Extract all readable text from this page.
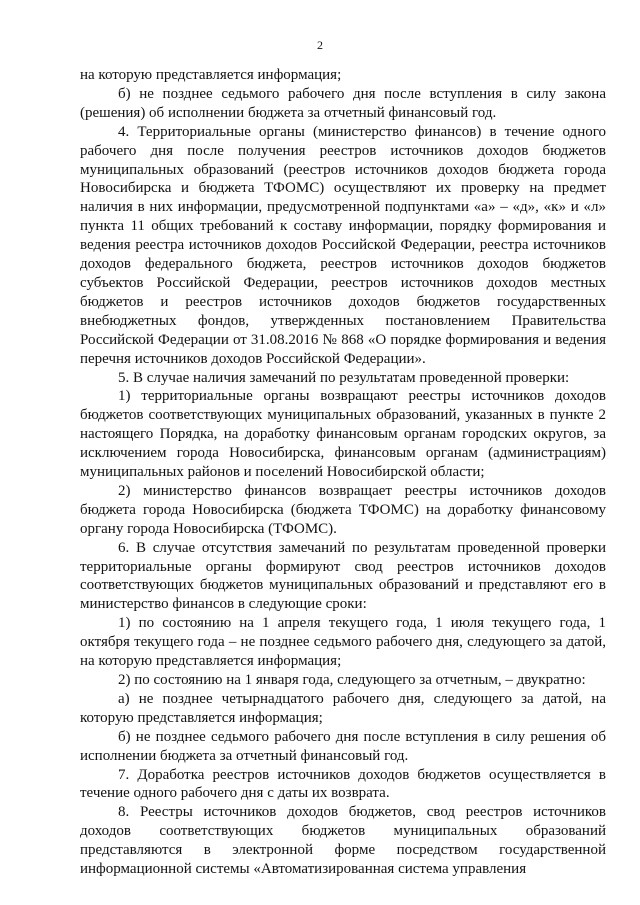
2

на которую представляется информация;

б) не позднее седьмого рабочего дня после вступления в силу закона (решения) об исполнении бюджета за отчетный финансовый год.

4. Территориальные органы (министерство финансов) в течение одного рабочего дня после получения реестров источников доходов бюджетов муниципальных образований (реестров источников доходов бюджета города Новосибирска и бюджета ТФОМС) осуществляют их проверку на предмет наличия в них информации, предусмотренной подпунктами «а» – «д», «к» и «л» пункта 11 общих требований к составу информации, порядку формирования и ведения реестра источников доходов Российской Федерации, реестра источников доходов федерального бюджета, реестров источников доходов бюджетов субъектов Российской Федерации, реестров источников доходов местных бюджетов и реестров источников доходов бюджетов государственных внебюджетных фондов, утвержденных постановлением Правительства Российской Федерации от 31.08.2016 № 868 «О порядке формирования и ведения перечня источников доходов Российской Федерации».

5. В случае наличия замечаний по результатам проведенной проверки:

1) территориальные органы возвращают реестры источников доходов бюджетов соответствующих муниципальных образований, указанных в пункте 2 настоящего Порядка, на доработку финансовым органам городских округов, за исключением города Новосибирска, финансовым органам (администрациям) муниципальных районов и поселений Новосибирской области;

2) министерство финансов возвращает реестры источников доходов бюджета города Новосибирска (бюджета ТФОМС) на доработку финансовому органу города Новосибирска (ТФОМС).

6. В случае отсутствия замечаний по результатам проведенной проверки территориальные органы формируют свод реестров источников доходов соответствующих бюджетов муниципальных образований и представляют его в министерство финансов в следующие сроки:

1) по состоянию на 1 апреля текущего года, 1 июля текущего года, 1 октября текущего года – не позднее седьмого рабочего дня, следующего за датой, на которую представляется информация;

2) по состоянию на 1 января года, следующего за отчетным, – двукратно:

а) не позднее четырнадцатого рабочего дня, следующего за датой, на которую представляется информация;

б) не позднее седьмого рабочего дня после вступления в силу решения об исполнении бюджета за отчетный финансовый год.

7. Доработка реестров источников доходов бюджетов осуществляется в течение одного рабочего дня с даты их возврата.

8. Реестры источников доходов бюджетов, свод реестров источников доходов соответствующих бюджетов муниципальных образований представляются в электронной форме посредством государственной информационной системы «Автоматизированная система управления
